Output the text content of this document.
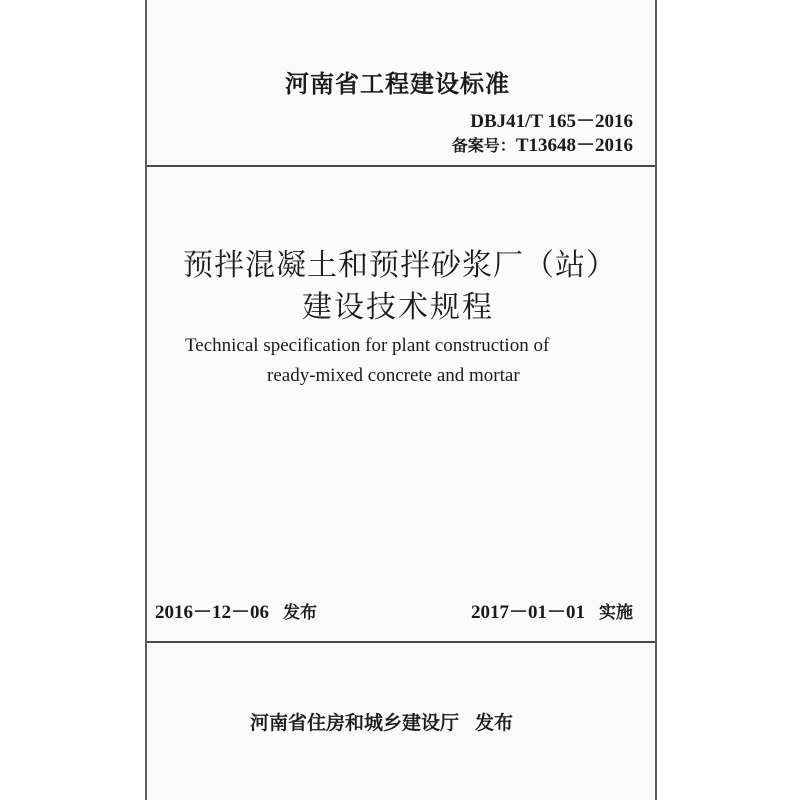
河南省工程建设标准
DBJ41/T 165－2016
备案号：T13648－2016
预拌混凝土和预拌砂浆厂（站）
建设技术规程
Technical specification for plant construction of
ready-mixed concrete and mortar
2016－12－06 发布	2017－01－01 实施
河南省住房和城乡建设厅 发布
